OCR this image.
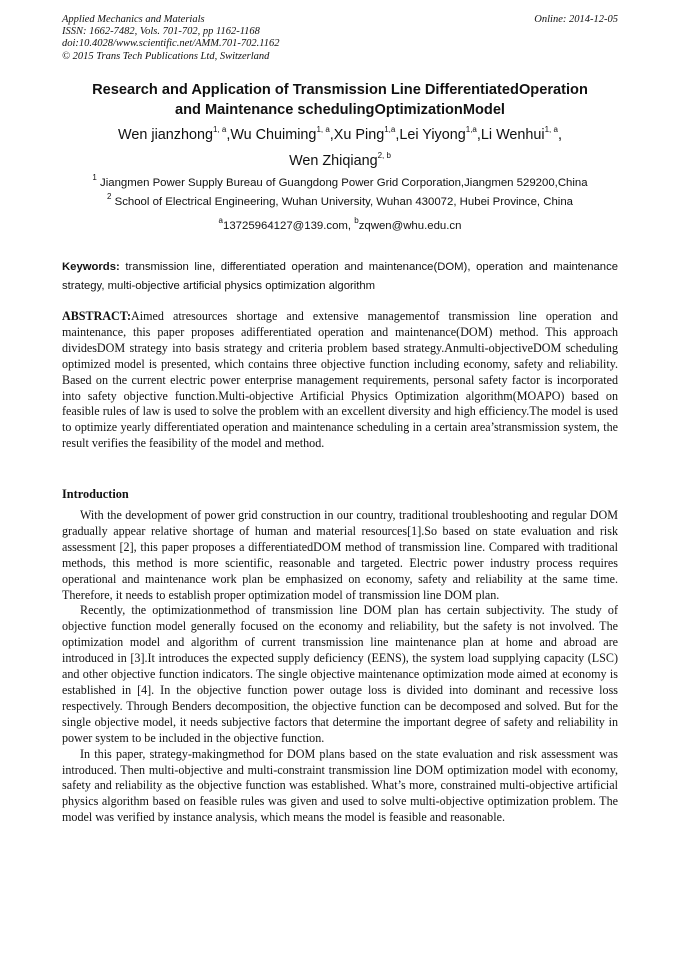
Applied Mechanics and Materials
ISSN: 1662-7482, Vols. 701-702, pp 1162-1168
doi:10.4028/www.scientific.net/AMM.701-702.1162
© 2015 Trans Tech Publications Ltd, Switzerland
Online: 2014-12-05
Research and Application of Transmission Line DifferentiatedOperation
and Maintenance schedulingOptimizationModel
Wen jianzhong$^{1, a}$,Wu Chuiming$^{1, a}$,Xu Ping$^{1,a}$,Lei Yiyong$^{1,a}$,Li Wenhui$^{1, a}$,
Wen Zhiqiang$^{2, b}$
$^1$ Jiangmen Power Supply Bureau of Guangdong Power Grid Corporation,Jiangmen 529200,China
$^2$ School of Electrical Engineering, Wuhan University, Wuhan 430072, Hubei Province, China
$^a$13725964127@139.com, $^b$zqwen@whu.edu.cn
Keywords: transmission line, differentiated operation and maintenance(DOM), operation and maintenance strategy, multi-objective artificial physics optimization algorithm
ABSTRACT:Aimed atresources shortage and extensive managementof transmission line operation and maintenance, this paper proposes adifferentiated operation and maintenance(DOM) method. This approach dividesDOM strategy into basis strategy and criteria problem based strategy.Anmulti-objectiveDOM scheduling optimized model is presented, which contains three objective function including economy, safety and reliability. Based on the current electric power enterprise management requirements, personal safety factor is incorporated into safety objective function.Multi-objective Artificial Physics Optimization algorithm(MOAPO) based on feasible rules of law is used to solve the problem with an excellent diversity and high efficiency.The model is used to optimize yearly differentiated operation and maintenance scheduling in a certain area’stransmission system, the result verifies the feasibility of the model and method.
Introduction

With the development of power grid construction in our country, traditional troubleshooting and regular DOM gradually appear relative shortage of human and material resources[1].So based on state evaluation and risk assessment [2], this paper proposes a differentiatedDOM method of transmission line. Compared with traditional methods, this method is more scientific, reasonable and targeted. Electric power industry process requires operational and maintenance work plan be emphasized on economy, safety and reliability at the same time. Therefore, it needs to establish proper optimization model of transmission line DOM plan.

Recently, the optimizationmethod of transmission line DOM plan has certain subjectivity. The study of objective function model generally focused on the economy and reliability, but the safety is not involved. The optimization model and algorithm of current transmission line maintenance plan at home and abroad are introduced in [3].It introduces the expected supply deficiency (EENS), the system load supplying capacity (LSC) and other objective function indicators. The single objective maintenance optimization mode aimed at economy is established in [4]. In the objective function power outage loss is divided into dominant and recessive loss respectively. Through Benders decomposition, the objective function can be decomposed and solved. But for the single objective model, it needs subjective factors that determine the important degree of safety and reliability in power system to be included in the objective function.

In this paper, strategy-makingmethod for DOM plans based on the state evaluation and risk assessment was introduced. Then multi-objective and multi-constraint transmission line DOM optimization model with economy, safety and reliability as the objective function was established. What’s more, constrained multi-objective artificial physics algorithm based on feasible rules was given and used to solve multi-objective optimization problem. The model was verified by instance analysis, which means the model is feasible and reasonable.
